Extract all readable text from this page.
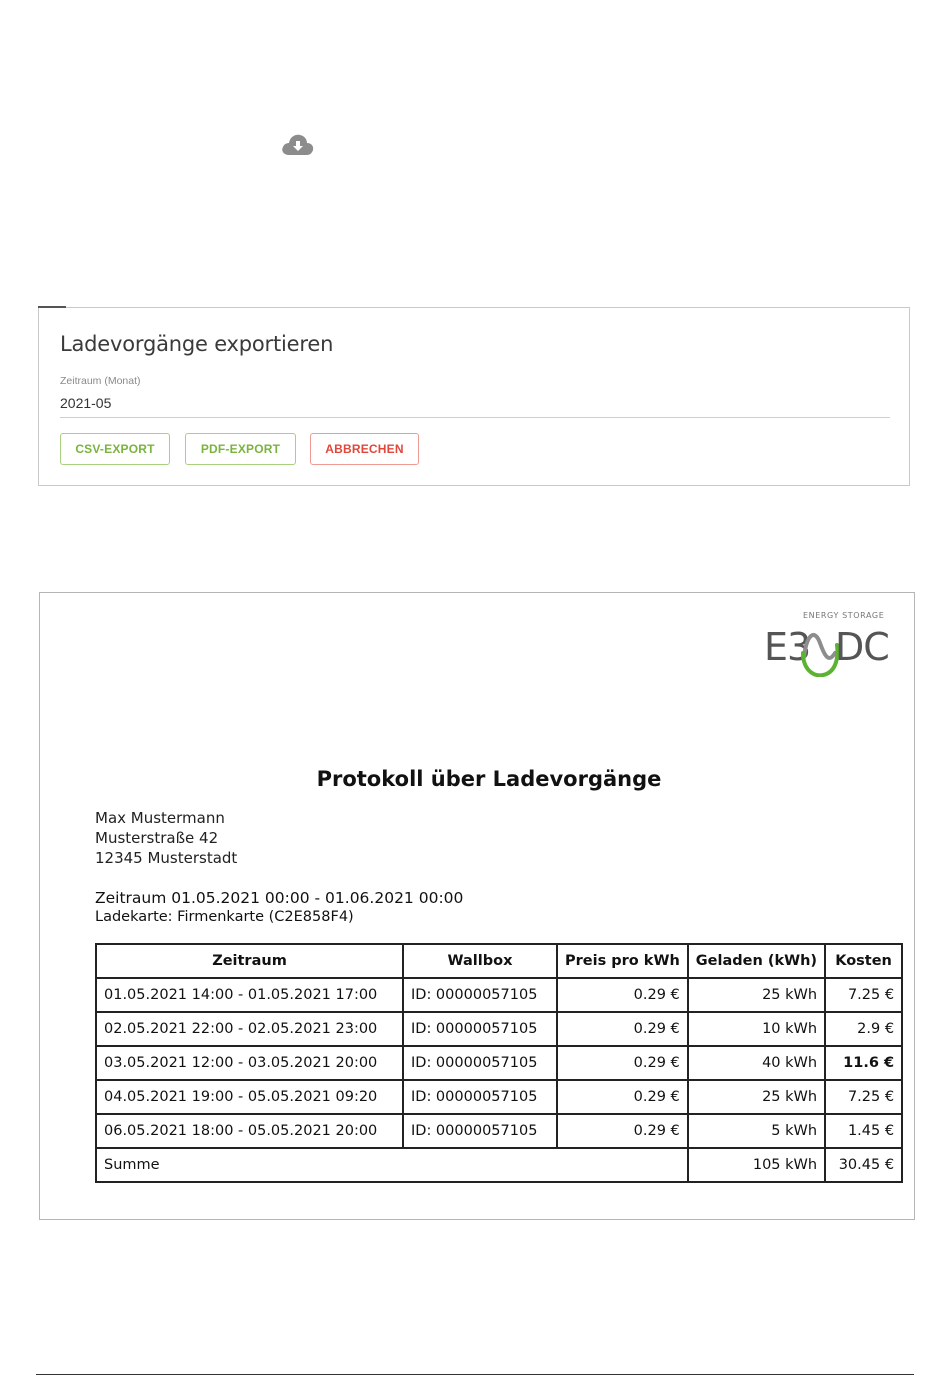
Ladevorgänge exportieren
Zeitraum (Monat)
2021-05
CSV-EXPORT	PDF-EXPORT	ABBRECHEN
ENERGY STORAGE
E3 DC
Protokoll über Ladevorgänge
Max Mustermann
Musterstraße 42
12345 Musterstadt
Zeitraum 01.05.2021 00:00 - 01.06.2021 00:00
Ladekarte: Firmenkarte (C2E858F4)
Zeitraum	Wallbox	Preis pro kWh	Geladen (kWh)	Kosten
01.05.2021 14:00 - 01.05.2021 17:00	ID: 00000057105	0.29 €	25 kWh	7.25 €
02.05.2021 22:00 - 02.05.2021 23:00	ID: 00000057105	0.29 €	10 kWh	2.9 €
03.05.2021 12:00 - 03.05.2021 20:00	ID: 00000057105	0.29 €	40 kWh	11.6 €
04.05.2021 19:00 - 05.05.2021 09:20	ID: 00000057105	0.29 €	25 kWh	7.25 €
06.05.2021 18:00 - 05.05.2021 20:00	ID: 00000057105	0.29 €	5 kWh	1.45 €
Summe			105 kWh	30.45 €
